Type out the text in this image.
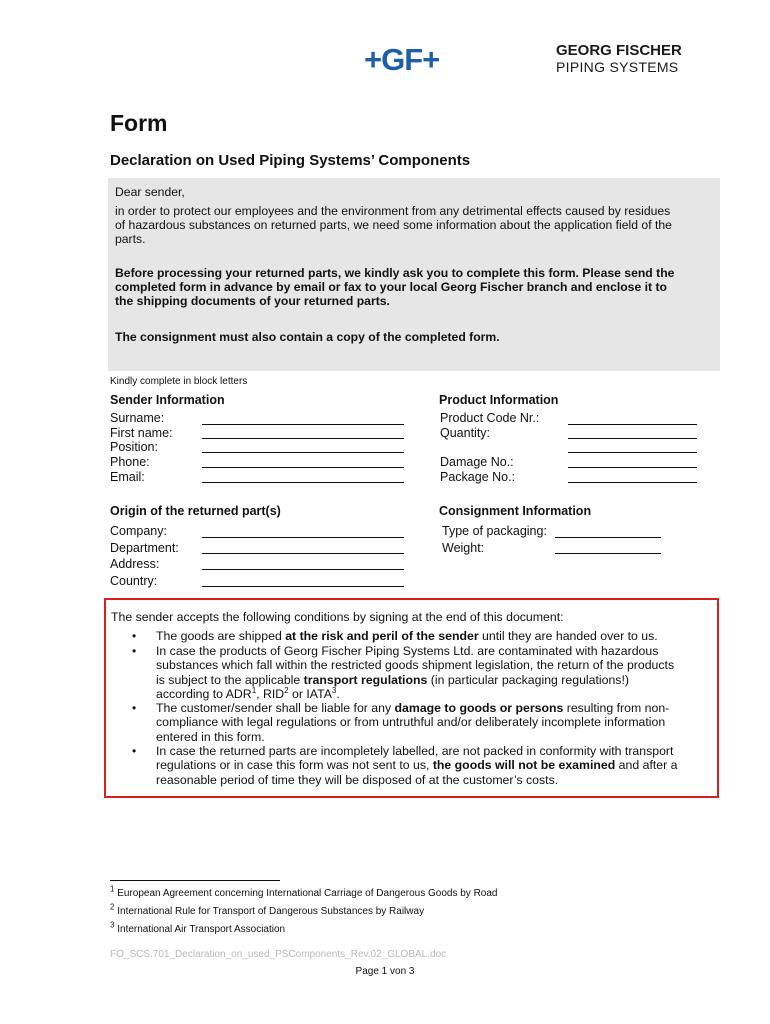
+GF+	GEORG FISCHER
PIPING SYSTEMS
Form
Declaration on Used Piping Systems’ Components
Dear sender,
in order to protect our employees and the environment from any detrimental effects caused by residues
of hazardous substances on returned parts, we need some information about the application field of the
parts.
Before processing your returned parts, we kindly ask you to complete this form. Please send the
completed form in advance by email or fax to your local Georg Fischer branch and enclose it to
the shipping documents of your returned parts.
The consignment must also contain a copy of the completed form.
Kindly complete in block letters
Sender Information
Surname:
First name:
Position:
Phone:
Email:
Product Information
Product Code Nr.:
Quantity:
Damage No.:
Package No.:
Origin of the returned part(s)
Company:
Department:
Address:
Country:
Consignment Information
Type of packaging:
Weight:
The sender accepts the following conditions by signing at the end of this document:
• The goods are shipped at the risk and peril of the sender until they are handed over to us.
• In case the products of Georg Fischer Piping Systems Ltd. are contaminated with hazardous
substances which fall within the restricted goods shipment legislation, the return of the products
is subject to the applicable transport regulations (in particular packaging regulations!)
according to ADR$^1$, RID$^2$ or IATA$^3$.
• The customer/sender shall be liable for any damage to goods or persons resulting from non-
compliance with legal regulations or from untruthful and/or deliberately incomplete information
entered in this form.
• In case the returned parts are incompletely labelled, are not packed in conformity with transport
regulations or in case this form was not sent to us, the goods will not be examined and after a
reasonable period of time they will be disposed of at the customer’s costs.
$^1$ European Agreement concerning International Carriage of Dangerous Goods by Road
$^2$ International Rule for Transport of Dangerous Substances by Railway
$^3$ International Air Transport Association
FO_SCS.701_Declaration_on_used_PSComponents_Rev.02_GLOBAL.doc
Page 1 von 3
